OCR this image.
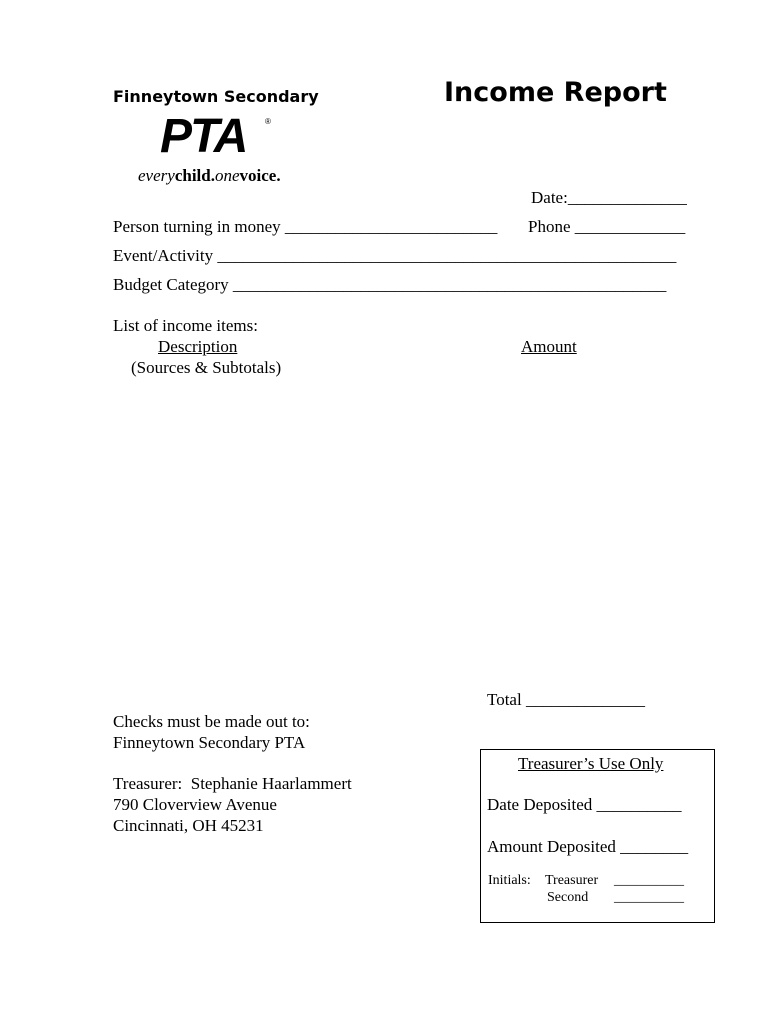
Finneytown Secondary	Income Report
PTA ®
everychild.onevoice.
Date:______________
Person turning in money _________________________ Phone _____________
Event/Activity ______________________________________________________
Budget Category ___________________________________________________
List of income items:
Description	Amount
(Sources & Subtotals)
Total ______________
Checks must be made out to:
Finneytown Secondary PTA
Treasurer:  Stephanie Haarlammert
790 Cloverview Avenue
Cincinnati, OH 45231
Treasurer’s Use Only
Date Deposited __________
Amount Deposited ________
Initials: Treasurer __________
Second __________
